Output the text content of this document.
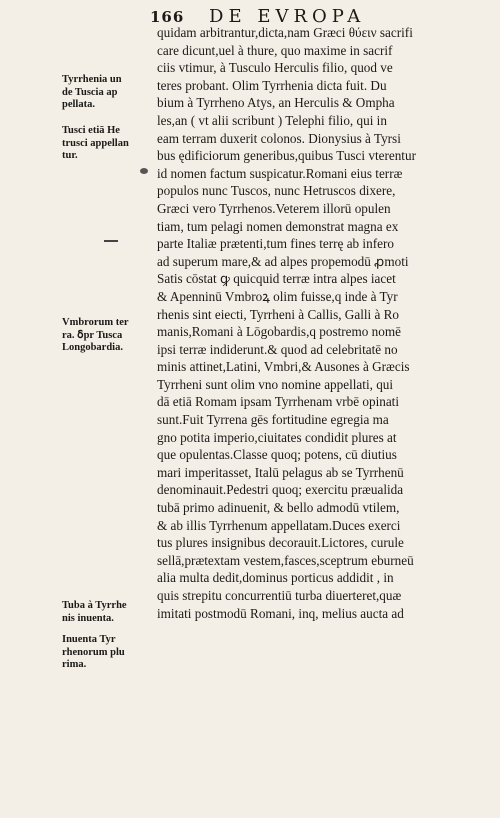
166 DE EVROPA
quidam arbitrantur,dicta,nam Græci θύειν sacrifi
care dicunt,uel à thure, quo maxime in sacrif
ciis vtimur, à Tusculo Herculis filio, quod ve
teres probant. Olim Tyrrhenia dicta fuit. Du
bium à Tyrrheno Atys, an Herculis & Ompha
les,an ( vt alii scribunt ) Telephi filio, qui in
eam terram duxerit colonos. Dionysius à Tyrsi
bus ędificiorum generibus,quibus Tusci vterentur
id nomen factum suspicatur.Romani eius terræ
populos nunc Tuscos, nunc Hetruscos dixere,
Græci vero Tyrrhenos.Veterem illorū opulen
tiam, tum pelagi nomen demonstrat magna ex
parte Italiæ prætenti,tum fines terrę ab infero
ad superum mare,& ad alpes propemodū ꝓmoti
Satis cōstat ꝙ quicquid terræ intra alpes iacet
& Apenninū Vmbroꝝ olim fuisse,q inde à Tyr
rhenis sint eiecti, Tyrrheni à Callis, Galli à Ro
manis,Romani à Lōgobardis,q postremo nomē
ipsi terræ indiderunt.& quod ad celebritatē no
minis attinet,Latini, Vmbri,& Ausones à Græcis
Tyrrheni sunt olim vno nomine appellati, qui
dā etiā Romam ipsam Tyrrhenam vrbē opinati
sunt.Fuit Tyrrena gēs fortitudine egregia ma
gno potita imperio,ciuitates condidit plures at
que opulentas.Classe quoq; potens, cū diutius
mari imperitasset, Italū pelagus ab se Tyrrhenū
denominauit.Pedestri quoq; exercitu præualida
tubā primo adinuenit, & bello admodū vtilem,
& ab illis Tyrrhenum appellatam.Duces exerci
tus plures insignibus decorauit.Lictores, curule
sellā,prætextam vestem,fasces,sceptrum eburneū
alia multa dedit,dominus porticus addidit , in
quis strepitu concurrentiū turba diuerteret,quæ
imitati postmodū Romani, inq, melius aucta ad
Tyrrhenia un
de Tuscia ap
pellata.
Tusci etiā He
trusci appellan
tur.
Vmbrorum ter
ra. ẟpr Tusca
Longobardia.
Tuba à Tyrrhe
nis inuenta.
Inuenta Tyr
rhenorum plu
rima.
